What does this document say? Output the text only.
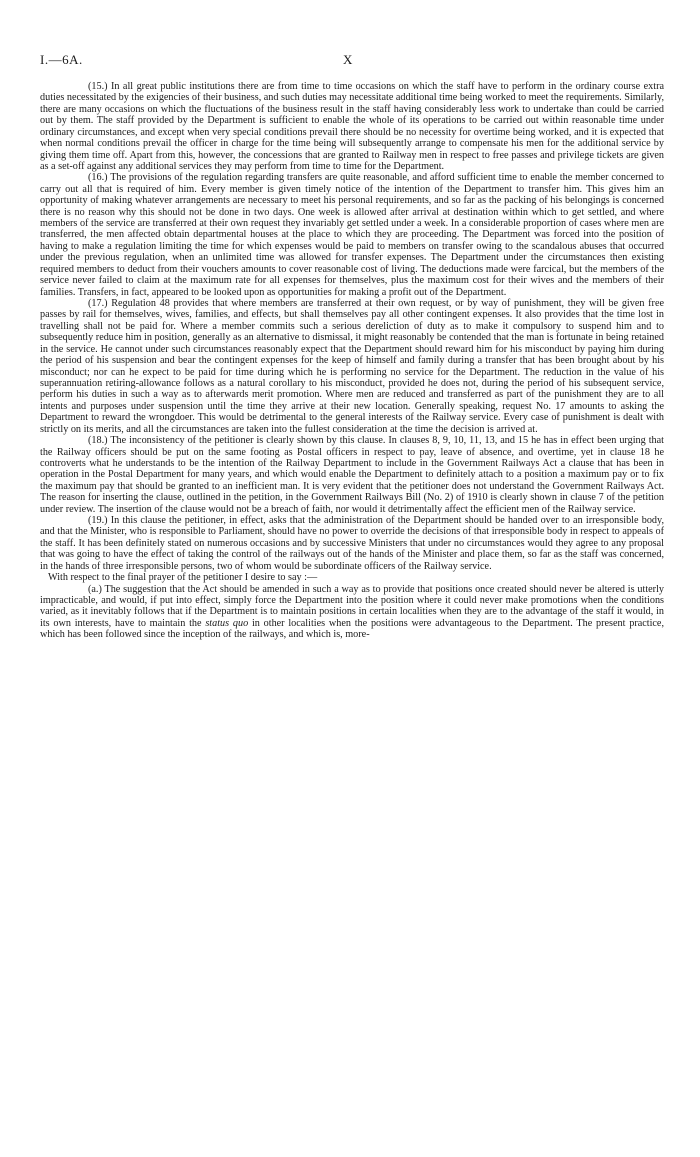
I.—6A.	X

(15.) In all great public institutions there are from time to time occasions on which the staff have to perform in the ordinary course extra duties necessitated by the exigencies of their business, and such duties may necessitate additional time being worked to meet the requirements. Similarly, there are many occasions on which the fluctuations of the business result in the staff having considerably less work to undertake than could be carried out by them. The staff provided by the Department is sufficient to enable the whole of its operations to be carried out within reasonable time under ordinary circumstances, and except when very special conditions prevail there should be no necessity for overtime being worked, and it is expected that when normal conditions prevail the officer in charge for the time being will subsequently arrange to compensate his men for the additional service by giving them time off. Apart from this, however, the concessions that are granted to Railway men in respect to free passes and privilege tickets are given as a set-off against any additional services they may perform from time to time for the Department.

(16.) The provisions of the regulation regarding transfers are quite reasonable, and afford sufficient time to enable the member concerned to carry out all that is required of him. Every member is given timely notice of the intention of the Department to transfer him. This gives him an opportunity of making whatever arrangements are necessary to meet his personal requirements, and so far as the packing of his belongings is concerned there is no reason why this should not be done in two days. One week is allowed after arrival at destination within which to get settled, and where members of the service are transferred at their own request they invariably get settled under a week. In a considerable proportion of cases where men are transferred, the men affected obtain departmental houses at the place to which they are proceeding. The Department was forced into the position of having to make a regulation limiting the time for which expenses would be paid to members on transfer owing to the scandalous abuses that occurred under the previous regulation, when an unlimited time was allowed for transfer expenses. The Department under the circumstances then existing required members to deduct from their vouchers amounts to cover reasonable cost of living. The deductions made were farcical, but the members of the service never failed to claim at the maximum rate for all expenses for themselves, plus the maximum cost for their wives and the members of their families. Transfers, in fact, appeared to be looked upon as opportunities for making a profit out of the Department.

(17.) Regulation 48 provides that where members are transferred at their own request, or by way of punishment, they will be given free passes by rail for themselves, wives, families, and effects, but shall themselves pay all other contingent expenses. It also provides that the time lost in travelling shall not be paid for. Where a member commits such a serious dereliction of duty as to make it compulsory to suspend him and to subsequently reduce him in position, generally as an alternative to dismissal, it might reasonably be contended that the man is fortunate in being retained in the service. He cannot under such circumstances reasonably expect that the Department should reward him for his misconduct by paying him during the period of his suspension and bear the contingent expenses for the keep of himself and family during a transfer that has been brought about by his misconduct; nor can he expect to be paid for time during which he is performing no service for the Department. The reduction in the value of his superannuation retiring-allowance follows as a natural corollary to his misconduct, provided he does not, during the period of his subsequent service, perform his duties in such a way as to afterwards merit promotion. Where men are reduced and transferred as part of the punishment they are to all intents and purposes under suspension until the time they arrive at their new location. Generally speaking, request No. 17 amounts to asking the Department to reward the wrongdoer. This would be detrimental to the general interests of the Railway service. Every case of punishment is dealt with strictly on its merits, and all the circumstances are taken into the fullest consideration at the time the decision is arrived at.

(18.) The inconsistency of the petitioner is clearly shown by this clause. In clauses 8, 9, 10, 11, 13, and 15 he has in effect been urging that the Railway officers should be put on the same footing as Postal officers in respect to pay, leave of absence, and overtime, yet in clause 18 he controverts what he understands to be the intention of the Railway Department to include in the Government Railways Act a clause that has been in operation in the Postal Department for many years, and which would enable the Department to definitely attach to a position a maximum pay or to fix the maximum pay that should be granted to an inefficient man. It is very evident that the petitioner does not understand the Government Railways Act. The reason for inserting the clause, outlined in the petition, in the Government Railways Bill (No. 2) of 1910 is clearly shown in clause 7 of the petition under review. The insertion of the clause would not be a breach of faith, nor would it detrimentally affect the efficient men of the Railway service.

(19.) In this clause the petitioner, in effect, asks that the administration of the Department should be handed over to an irresponsible body, and that the Minister, who is responsible to Parliament, should have no power to override the decisions of that irresponsible body in respect to appeals of the staff. It has been definitely stated on numerous occasions and by successive Ministers that under no circumstances would they agree to any proposal that was going to have the effect of taking the control of the railways out of the hands of the Minister and place them, so far as the staff was concerned, in the hands of three irresponsible persons, two of whom would be subordinate officers of the Railway service.

With respect to the final prayer of the petitioner I desire to say :—

(a.) The suggestion that the Act should be amended in such a way as to provide that positions once created should never be altered is utterly impracticable, and would, if put into effect, simply force the Department into the position where it could never make promotions when the conditions varied, as it inevitably follows that if the Department is to maintain positions in certain localities when they are to the advantage of the staff it would, in its own interests, have to maintain the status quo in other localities when the positions were advantageous to the Department. The present practice, which has been followed since the inception of the railways, and which is, more-
